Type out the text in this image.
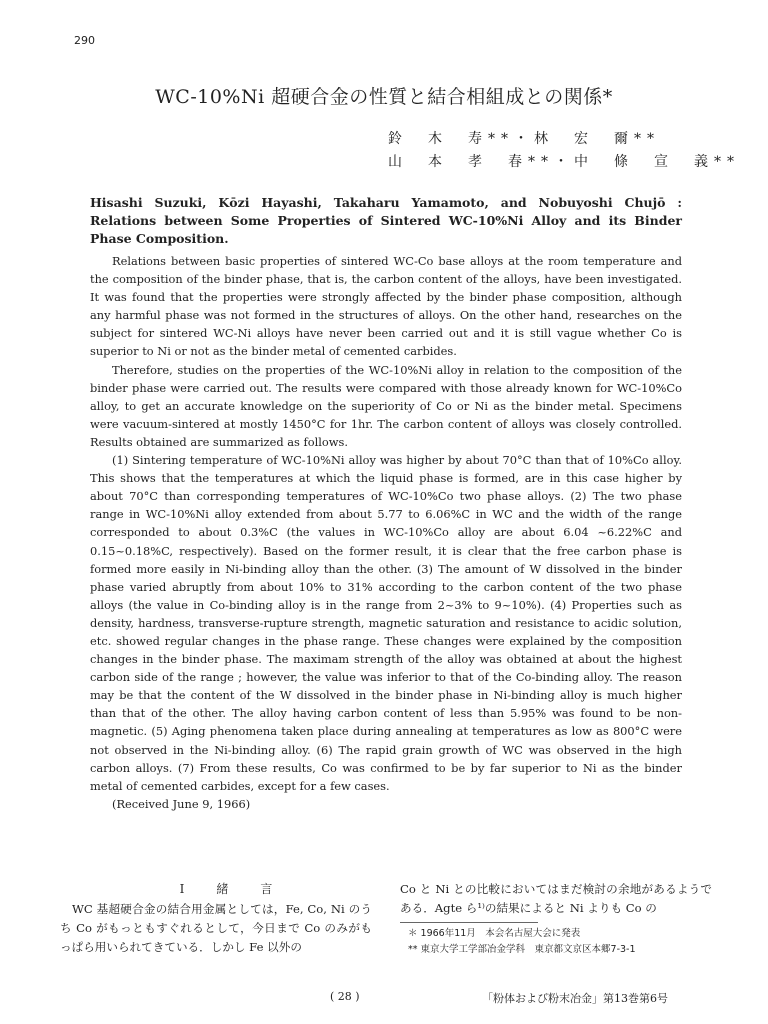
290
WC-10%Ni 超硬合金の性質と結合相組成との関係*
鈴　木　寿**・林　宏　爾**
山　本　孝　春**・中　條　宣　義**
Hisashi Suzuki, Kōzi Hayashi, Takaharu Yamamoto, and Nobuyoshi Chujō : Relations between Some Properties of Sintered WC-10%Ni Alloy and its Binder Phase Composition.

Relations between basic properties of sintered WC-Co base alloys at the room temperature and the composition of the binder phase, that is, the carbon content of the alloys, have been investigated. It was found that the properties were strongly affected by the binder phase composition, although any harmful phase was not formed in the structures of alloys. On the other hand, researches on the subject for sintered WC-Ni alloys have never been carried out and it is still vague whether Co is superior to Ni or not as the binder metal of cemented carbides.

Therefore, studies on the properties of the WC-10%Ni alloy in relation to the composition of the binder phase were carried out. The results were compared with those already known for WC-10%Co alloy, to get an accurate knowledge on the superiority of Co or Ni as the binder metal. Specimens were vacuum-sintered at mostly 1450°C for 1hr. The carbon content of alloys was closely controlled. Results obtained are summarized as follows.

(1) Sintering temperature of WC-10%Ni alloy was higher by about 70°C than that of 10%Co alloy. This shows that the temperatures at which the liquid phase is formed, are in this case higher by about 70°C than corresponding temperatures of WC-10%Co two phase alloys. (2) The two phase range in WC-10%Ni alloy extended from about 5.77 to 6.06%C in WC and the width of the range corresponded to about 0.3%C (the values in WC-10%Co alloy are about 6.04 ~6.22%C and 0.15~0.18%C, respectively). Based on the former result, it is clear that the free carbon phase is formed more easily in Ni-binding alloy than the other. (3) The amount of W dissolved in the binder phase varied abruptly from about 10% to 31% according to the carbon content of the two phase alloys (the value in Co-binding alloy is in the range from 2~3% to 9~10%). (4) Properties such as density, hardness, transverse-rupture strength, magnetic saturation and resistance to acidic solution, etc. showed regular changes in the phase range. These changes were explained by the composition changes in the binder phase. The maximam strength of the alloy was obtained at about the highest carbon side of the range ; however, the value was inferior to that of the Co-binding alloy. The reason may be that the content of the W dissolved in the binder phase in Ni-binding alloy is much higher than that of the other. The alloy having carbon content of less than 5.95% was found to be non-magnetic. (5) Aging phenomena taken place during annealing at temperatures as low as 800°C were not observed in the Ni-binding alloy. (6) The rapid grain growth of WC was observed in the high carbon alloys. (7) From these results, Co was confirmed to be by far superior to Ni as the binder metal of cemented carbides, except for a few cases.

(Received June 9, 1966)

I　緒　言

WC 基超硬合金の結合用金属としては，Fe, Co, Ni のうち Co がもっともすぐれるとして，今日まで Co のみがもっぱら用いられてきている．しかし Fe 以外の

Co と Ni との比較においてはまだ検討の余地があるようである．Agte ら¹⁾の結果によると Ni よりも Co の

＊ 1966年11月　本会名古屋大会に発表
** 東京大学工学部冶金学科　東京都文京区本郷7-3-1
( 28 )	「粉体および粉末冶金」第13巻第6号
